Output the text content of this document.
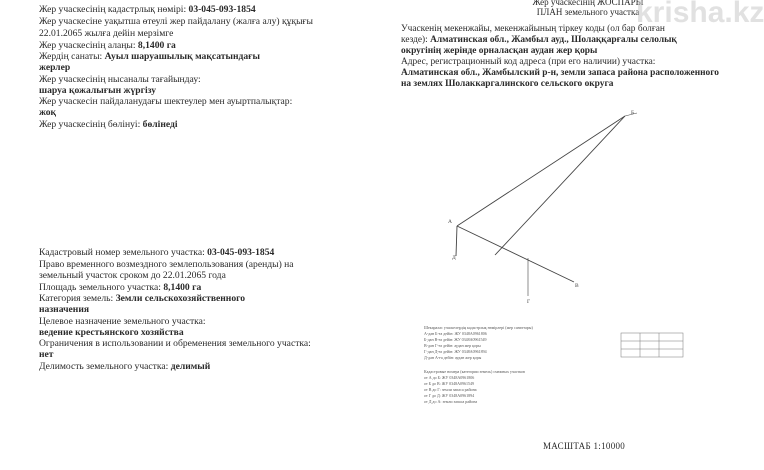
Жер учаскесінің кадастрлық нөмірі: 03-045-093-1854
Жер учаскесіне уақытша өтеулі жер пайдалану (жалға алу) құқығы
22.01.2065 жылға дейін мерзімге
Жер учаскесінің алаңы: 8,1400 га
Жердің санаты: Ауыл шаруашылық мақсатындағы
жерлер
Жер учаскесінің нысаналы тағайындау:
шаруа қожалығын жүргізу
Жер учаскесін пайдаланудағы шектеулер мен ауыртпалықтар:
жоқ
Жер учаскесінің бөлінуі: бөлінеді
Кадастровый номер земельного участка: 03-045-093-1854
Право временного возмездного землепользования (аренды) на
земельный участок сроком до 22.01.2065 года
Площадь земельного участка: 8,1400 га
Категория земель: Земли сельскохозяйственного
назначения
Целевое назначение земельного участка:
ведение крестьянского хозяйства
Ограничения в использовании и обременения земельного участка:
нет
Делимость земельного участка: делимый
Жер учаскесінің ЖОСПАРЫ
ПЛАН земельного участка
Учаскенің мекенжайы, мекенжайының тіркеу коды (ол бар болған
кезде): Алматинская обл., Жамбыл ауд., Шолаққарғалы селолық
округінің жерінде орналасқан аудан жер қоры
Адрес, регистрационный код адреса (при его наличии) участка:
Алматинская обл., Жамбылский р-н, земли запаса района расположенного
на землях Шолаккаргалинского сельского округа
Б
А
Д
Г
В
Шекаралас учаскелердің кадастрлық нөмірлері (жер санаттары)
А-дан Б-ға дейін: ЖУ 0348А0961806
Б-дан В-ға дейін: ЖУ 0348А0961549
В-дан Г-ға дейін: аудан жер қоры
Г-дан Д-ға дейін: ЖУ 0348А0961894
Д-дан А-ға дейін: аудан жер қоры
Кадастровые номера (категории земель) смежных участков
от А до Б: ЖУ 0348А0961806
от Б до В: ЖУ 0348А0961549
от В до Г: земли запаса района
от Г до Д: ЖУ 0348А0961894
от Д до А: земли запаса района
МАСШТАБ 1:10000
krisha.kz
